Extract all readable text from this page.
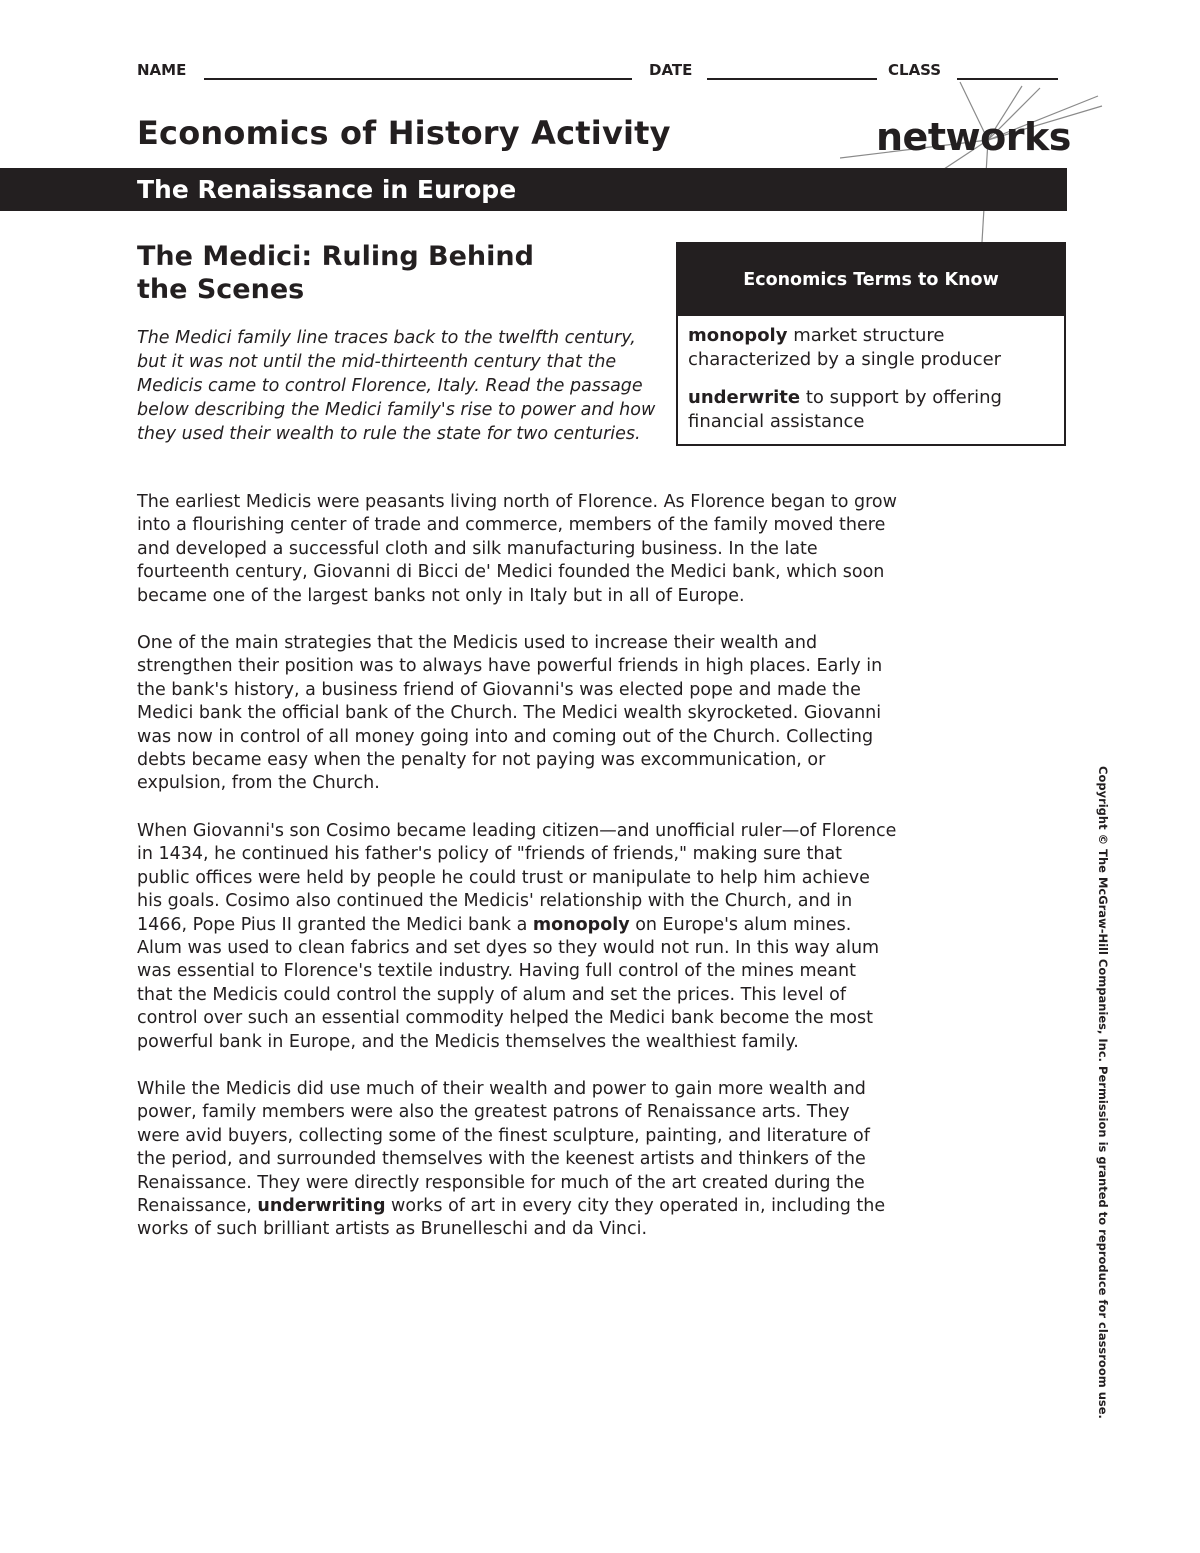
NAME	DATE	CLASS
Economics of History Activity	networks
The Renaissance in Europe
The Medici: Ruling Behind the Scenes

The Medici family line traces back to the twelfth century, but it was not until the mid-thirteenth century that the Medicis came to control Florence, Italy. Read the passage below describing the Medici family's rise to power and how they used their wealth to rule the state for two centuries.

Economics Terms to Know
monopoly market structure characterized by a single producer
underwrite to support by offering financial assistance

The earliest Medicis were peasants living north of Florence. As Florence began to grow into a flourishing center of trade and commerce, members of the family moved there and developed a successful cloth and silk manufacturing business. In the late fourteenth century, Giovanni di Bicci de' Medici founded the Medici bank, which soon became one of the largest banks not only in Italy but in all of Europe.

One of the main strategies that the Medicis used to increase their wealth and strengthen their position was to always have powerful friends in high places. Early in the bank's history, a business friend of Giovanni's was elected pope and made the Medici bank the official bank of the Church. The Medici wealth skyrocketed. Giovanni was now in control of all money going into and coming out of the Church. Collecting debts became easy when the penalty for not paying was excommunication, or expulsion, from the Church.

When Giovanni's son Cosimo became leading citizen—and unofficial ruler—of Florence in 1434, he continued his father's policy of "friends of friends," making sure that public offices were held by people he could trust or manipulate to help him achieve his goals. Cosimo also continued the Medicis' relationship with the Church, and in 1466, Pope Pius II granted the Medici bank a monopoly on Europe's alum mines. Alum was used to clean fabrics and set dyes so they would not run. In this way alum was essential to Florence's textile industry. Having full control of the mines meant that the Medicis could control the supply of alum and set the prices. This level of control over such an essential commodity helped the Medici bank become the most powerful bank in Europe, and the Medicis themselves the wealthiest family.

While the Medicis did use much of their wealth and power to gain more wealth and power, family members were also the greatest patrons of Renaissance arts. They were avid buyers, collecting some of the finest sculpture, painting, and literature of the period, and surrounded themselves with the keenest artists and thinkers of the Renaissance. They were directly responsible for much of the art created during the Renaissance, underwriting works of art in every city they operated in, including the works of such brilliant artists as Brunelleschi and da Vinci.	Copyright © The McGraw-Hill Companies, Inc. Permission is granted to reproduce for classroom use.
